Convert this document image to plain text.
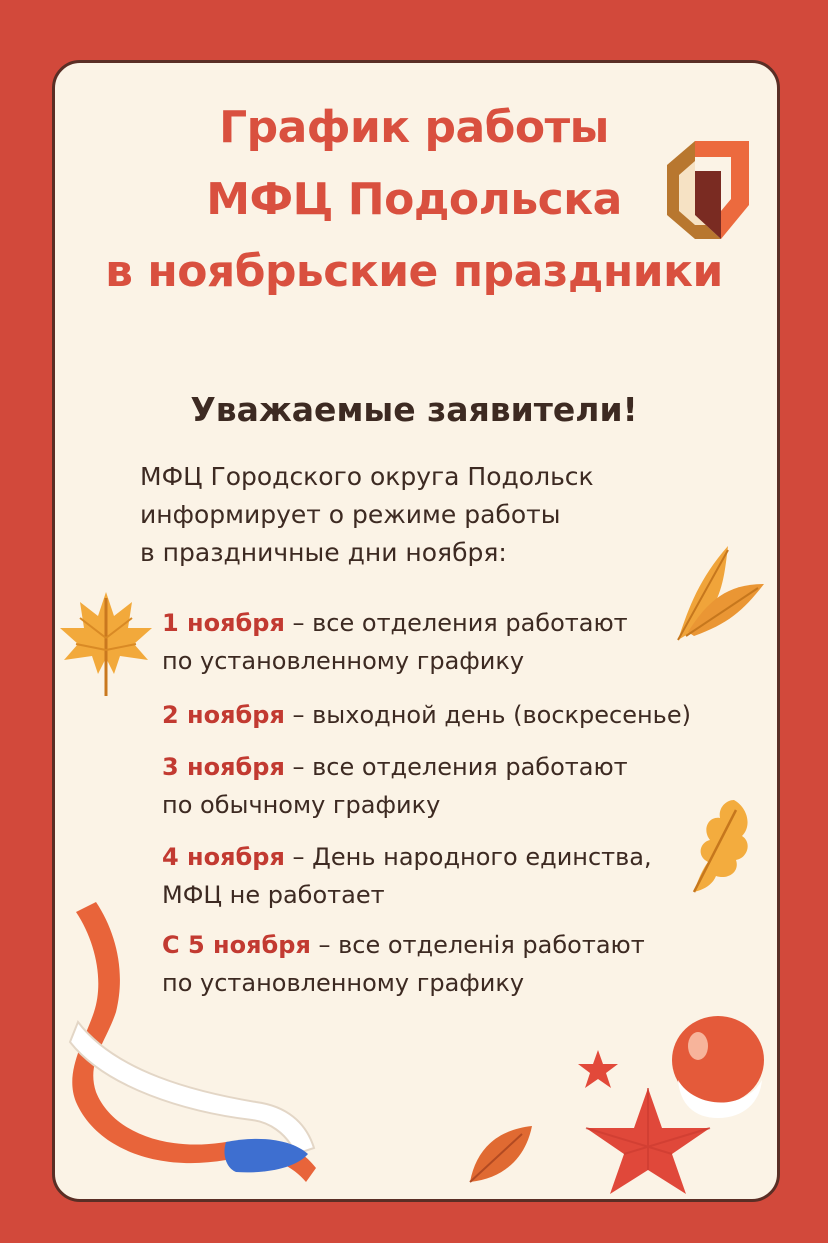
График работы
МФЦ Подольска
в ноябрьские праздники
Уважаемые заявители!
МФЦ Городского округа Подольск
информирует о режиме работы
в праздничные дни ноября:
1 ноября – все отделения работают
по установленному графику
2 ноября – выходной день (воскресенье)
3 ноября – все отделения работают
по обычному графику
4 ноября – День народного единства,
МФЦ не работает
С 5 ноября – все отделенія работают
по установленному графику
